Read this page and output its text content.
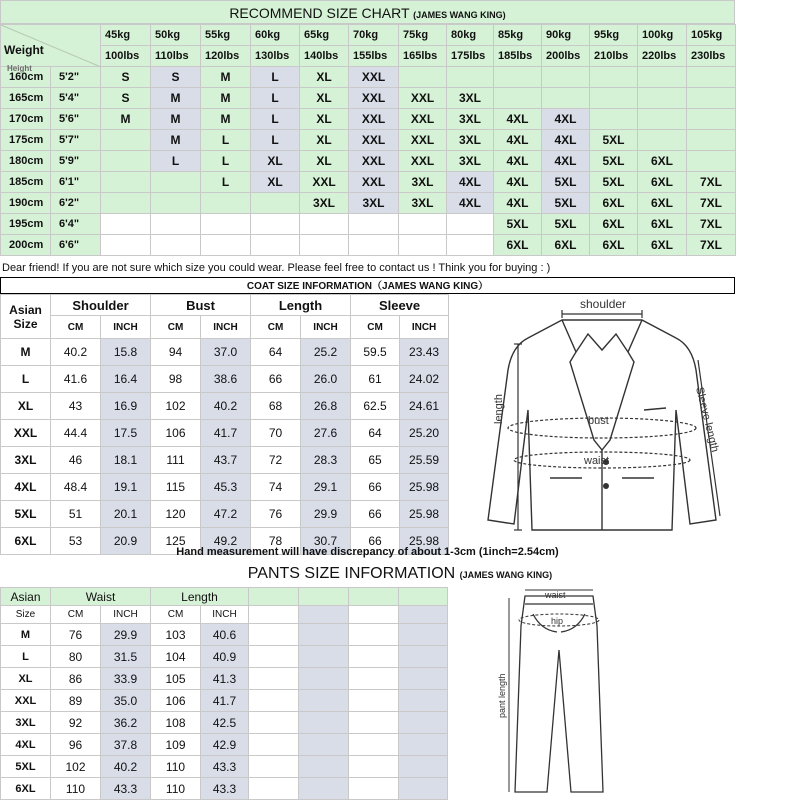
RECOMMEND SIZE CHART (JAMES WANG KING)
Weight
Height		45kg	50kg	55kg	60kg	65kg	70kg	75kg	80kg	85kg	90kg	95kg	100kg	105kg
		100lbs	110lbs	120lbs	130lbs	140lbs	155lbs	165lbs	175lbs	185lbs	200lbs	210lbs	220lbs	230lbs
160cm	5'2"	S	S	M	L	XL	XXL							
165cm	5'4"	S	M	M	L	XL	XXL	XXL	3XL					
170cm	5'6"	M	M	M	L	XL	XXL	XXL	3XL	4XL	4XL			
175cm	5'7"		M	L	L	XL	XXL	XXL	3XL	4XL	4XL	5XL		
180cm	5'9"		L	L	XL	XL	XXL	XXL	3XL	4XL	4XL	5XL	6XL	
185cm	6'1"			L	XL	XXL	XXL	3XL	4XL	4XL	5XL	5XL	6XL	7XL
190cm	6'2"					3XL	3XL	3XL	4XL	4XL	5XL	6XL	6XL	7XL
195cm	6'4"									5XL	5XL	6XL	6XL	7XL
200cm	6'6"									6XL	6XL	6XL	6XL	7XL
Dear friend! If you are not sure which size you could wear. Please feel free to contact us ! Think you for buying : )
COAT SIZE INFORMATION（JAMES WANG KING）
Asian
Size	Shoulder		Bust		Length		Sleeve	
	CM	INCH	CM	INCH	CM	INCH	CM	INCH
M	40.2	15.8	94	37.0	64	25.2	59.5	23.43
L	41.6	16.4	98	38.6	66	26.0	61	24.02
XL	43	16.9	102	40.2	68	26.8	62.5	24.61
XXL	44.4	17.5	106	41.7	70	27.6	64	25.20
3XL	46	18.1	111	43.7	72	28.3	65	25.59
4XL	48.4	19.1	115	45.3	74	29.1	66	25.98
5XL	51	20.1	120	47.2	76	29.9	66	25.98
6XL	53	20.9	125	49.2	78	30.7	66	25.98
shoulder
length	bust
waist
Sleeve length
Hand measurement will have discrepancy of about 1-3cm (1inch=2.54cm)
PANTS SIZE INFORMATION (JAMES WANG KING)
Asian	Waist		Length					
Size	CM	INCH	CM	INCH				
M	76	29.9	103	40.6				
L	80	31.5	104	40.9				
XL	86	33.9	105	41.3				
XXL	89	35.0	106	41.7				
3XL	92	36.2	108	42.5				
4XL	96	37.8	109	42.9				
5XL	102	40.2	110	43.3				
6XL	110	43.3	110	43.3				
waist
hip
pant length
